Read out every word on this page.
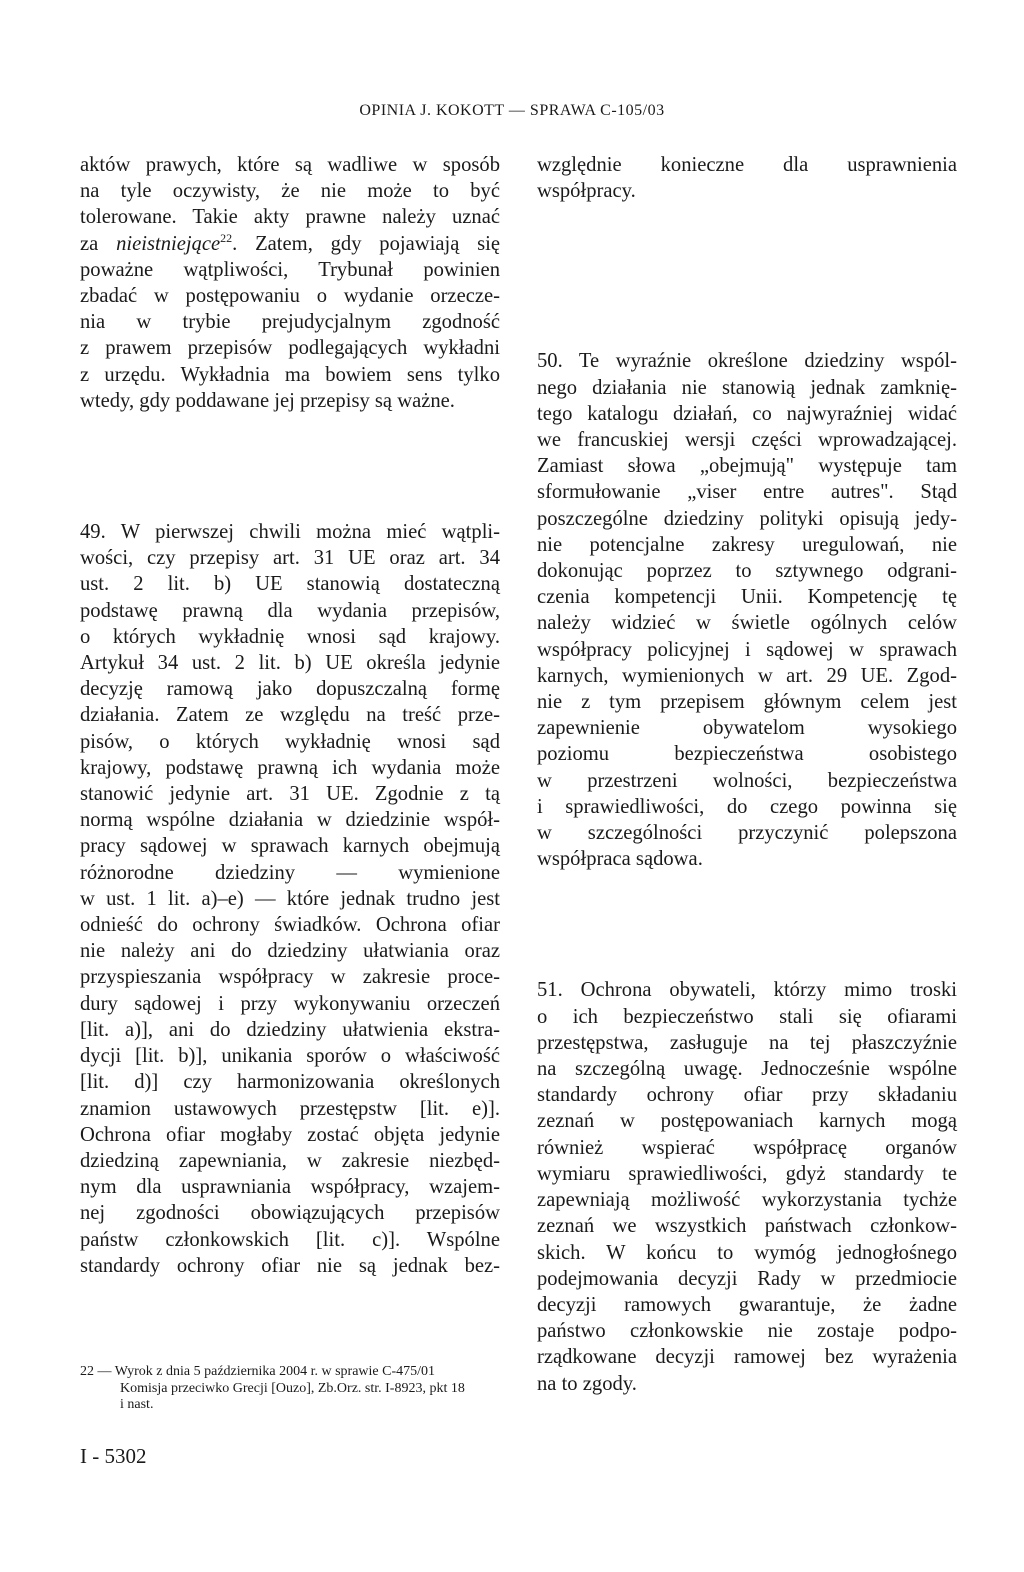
OPINIA J. KOKOTT — SPRAWA C-105/03

aktów prawych, które są wadliwe w sposób
na tyle oczywisty, że nie może to być
tolerowane. Takie akty prawne należy uznać
za nieistniejące$^{22}$. Zatem, gdy pojawiają się
poważne wątpliwości, Trybunał powinien
zbadać w postępowaniu o wydanie orzecze-
nia w trybie prejudycjalnym zgodność
z prawem przepisów podlegających wykładni
z urzędu. Wykładnia ma bowiem sens tylko
wtedy, gdy poddawane jej przepisy są ważne.

49. W pierwszej chwili można mieć wątpli-
wości, czy przepisy art. 31 UE oraz art. 34
ust. 2 lit. b) UE stanowią dostateczną
podstawę prawną dla wydania przepisów,
o których wykładnię wnosi sąd krajowy.
Artykuł 34 ust. 2 lit. b) UE określa jedynie
decyzję ramową jako dopuszczalną formę
działania. Zatem ze względu na treść prze-
pisów, o których wykładnię wnosi sąd
krajowy, podstawę prawną ich wydania może
stanowić jedynie art. 31 UE. Zgodnie z tą
normą wspólne działania w dziedzinie współ-
pracy sądowej w sprawach karnych obejmują
różnorodne dziedziny — wymienione
w ust. 1 lit. a)–e) — które jednak trudno jest
odnieść do ochrony świadków. Ochrona ofiar
nie należy ani do dziedziny ułatwiania oraz
przyspieszania współpracy w zakresie proce-
dury sądowej i przy wykonywaniu orzeczeń
[lit. a)], ani do dziedziny ułatwienia ekstra-
dycji [lit. b)], unikania sporów o właściwość
[lit. d)] czy harmonizowania określonych
znamion ustawowych przestępstw [lit. e)].
Ochrona ofiar mogłaby zostać objęta jedynie
dziedziną zapewniania, w zakresie niezbęd-
nym dla usprawniania współpracy, wzajem-
nej zgodności obowiązujących przepisów
państw członkowskich [lit. c)]. Wspólne
standardy ochrony ofiar nie są jednak bez-

względnie konieczne dla usprawnienia
współpracy.

50. Te wyraźnie określone dziedziny wspól-
nego działania nie stanowią jednak zamknię-
tego katalogu działań, co najwyraźniej widać
we francuskiej wersji części wprowadzającej.
Zamiast słowa „obejmują" występuje tam
sformułowanie „viser entre autres". Stąd
poszczególne dziedziny polityki opisują jedy-
nie potencjalne zakresy uregulowań, nie
dokonując poprzez to sztywnego odgrani-
czenia kompetencji Unii. Kompetencję tę
należy widzieć w świetle ogólnych celów
współpracy policyjnej i sądowej w sprawach
karnych, wymienionych w art. 29 UE. Zgod-
nie z tym przepisem głównym celem jest
zapewnienie obywatelom wysokiego
poziomu bezpieczeństwa osobistego
w przestrzeni wolności, bezpieczeństwa
i sprawiedliwości, do czego powinna się
w szczególności przyczynić polepszona
współpraca sądowa.

51. Ochrona obywateli, którzy mimo troski
o ich bezpieczeństwo stali się ofiarami
przestępstwa, zasługuje na tej płaszczyźnie
na szczególną uwagę. Jednocześnie wspólne
standardy ochrony ofiar przy składaniu
zeznań w postępowaniach karnych mogą
również wspierać współpracę organów
wymiaru sprawiedliwości, gdyż standardy te
zapewniają możliwość wykorzystania tychże
zeznań we wszystkich państwach członkow-
skich. W końcu to wymóg jednogłośnego
podejmowania decyzji Rady w przedmiocie
decyzji ramowych gwarantuje, że żadne
państwo członkowskie nie zostaje podpo-
rządkowane decyzji ramowej bez wyrażenia
na to zgody.

22 — Wyrok z dnia 5 października 2004 r. w sprawie C-475/01
Komisja przeciwko Grecji [Ouzo], Zb.Orz. str. I-8923, pkt 18
i nast.
I - 5302
